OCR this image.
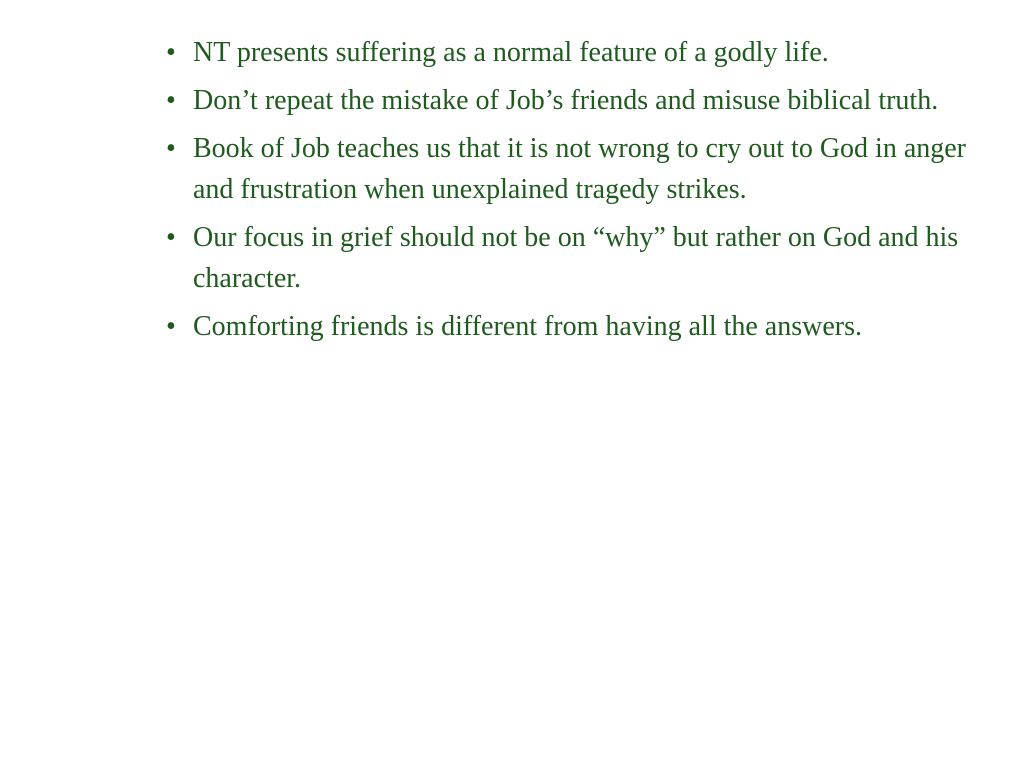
• NT presents suffering as a normal feature of a godly life.
• Don’t repeat the mistake of Job’s friends and misuse biblical truth.
• Book of Job teaches us that it is not wrong to cry out to God in anger and frustration when unexplained tragedy strikes.
• Our focus in grief should not be on “why” but rather on God and his character.
• Comforting friends is different from having all the answers.
